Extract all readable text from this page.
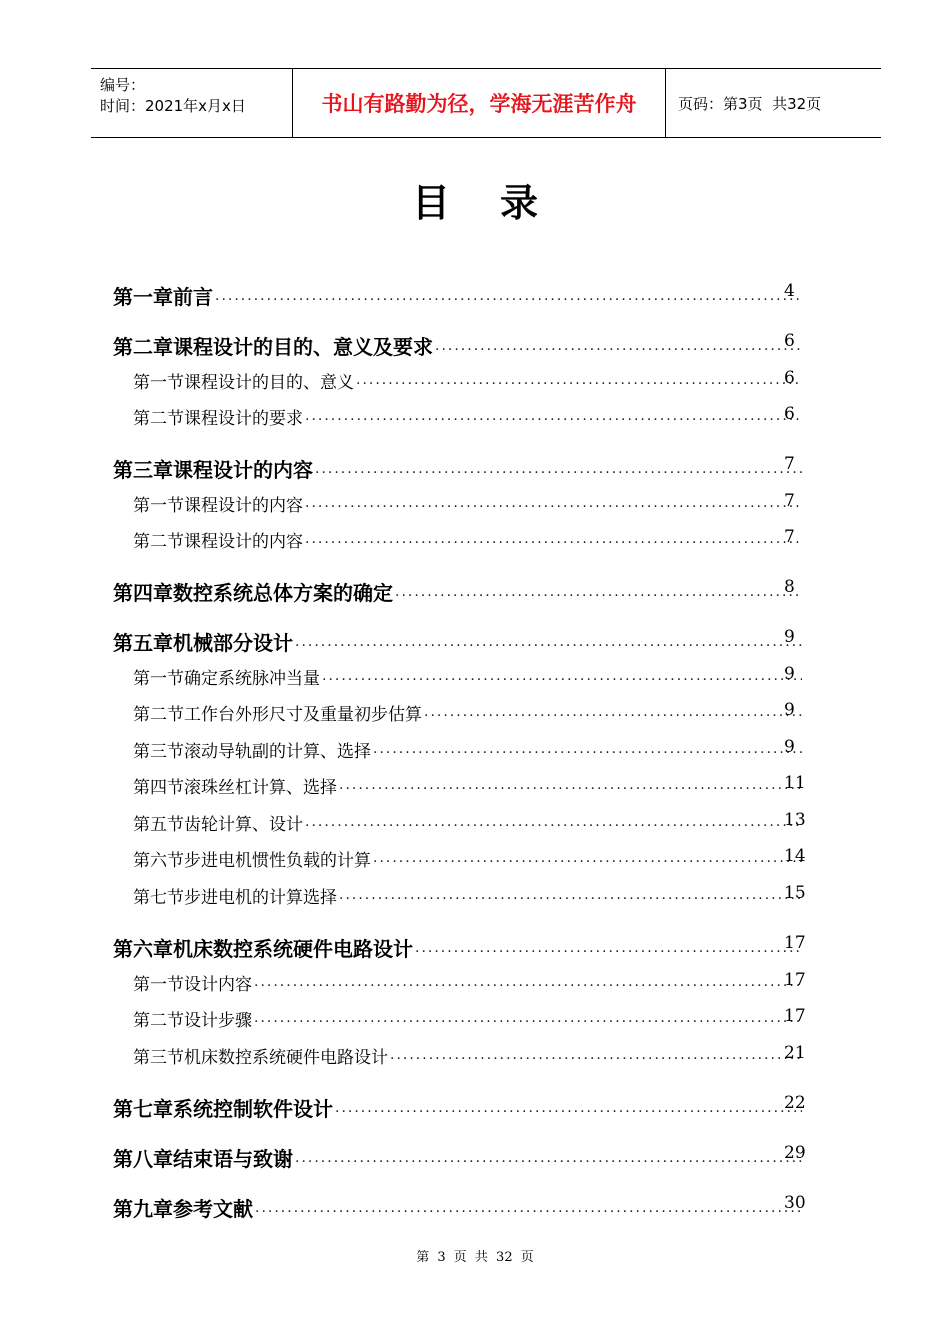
编号：
时间：2021年x月x日	书山有路勤为径，学海无涯苦作舟	页码：第3页  共32页
目录
第一章 前言 ·····	4
第二章 课程设计的目的、意义及要求 ·····	6
第一节 课程设计的目的、意义 ·····	6
第二节 课程设计的要求 ·····	6
第三章 课程设计的内容 ·····	7
第一节 课程设计的内容 ·····	7
第二节 课程设计的内容 ·····	7
第四章 数控系统总体方案的确定 ·····	8
第五章 机械部分设计 ·····	9
第一节 确定系统脉冲当量 ·····	9
第二节 工作台外形尺寸及重量初步估算 ·····	9
第三节 滚动导轨副的计算、选择 ·····	9
第四节 滚珠丝杠计算、选择 ·····	11
第五节 齿轮计算、设计 ·····	13
第六节 步进电机惯性负载的计算 ·····	14
第七节 步进电机的计算选择 ·····	15
第六章 机床数控系统硬件电路设计 ·····	17
第一节 设计内容 ·····	17
第二节 设计步骤 ·····	17
第三节 机床数控系统硬件电路设计 ·····	21
第七章 系统控制软件设计 ·····	22
第八章 结束语与致谢 ·····	29
第九章 参考文献 ·····	30
第 3 页 共 32 页
